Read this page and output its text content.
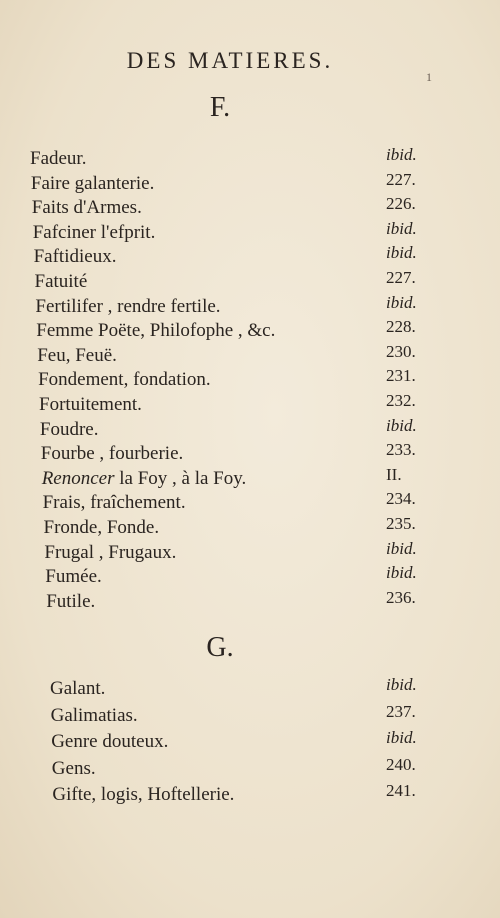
DES MATIERES.
1
F.
Fadeur.	ibid.
Faire galanterie.	227.
Faits d'Armes.	226.
Fafciner l'efprit.	ibid.
Faftidieux.	ibid.
Fatuité	227.
Fertilifer , rendre fertile.	ibid.
Femme Poëte, Philofophe , &c.	228.
Feu, Feuë.	230.
Fondement, fondation.	231.
Fortuitement.	232.
Foudre.	ibid.
Fourbe , fourberie.	233.
Renoncer la Foy , à la Foy.	II.
Frais, fraîchement.	234.
Fronde, Fonde.	235.
Frugal , Frugaux.	ibid.
Fumée.	ibid.
Futile.	236.
G.
Galant.	ibid.
Galimatias.	237.
Genre douteux.	ibid.
Gens.	240.
Gifte, logis, Hoftellerie.	241.
